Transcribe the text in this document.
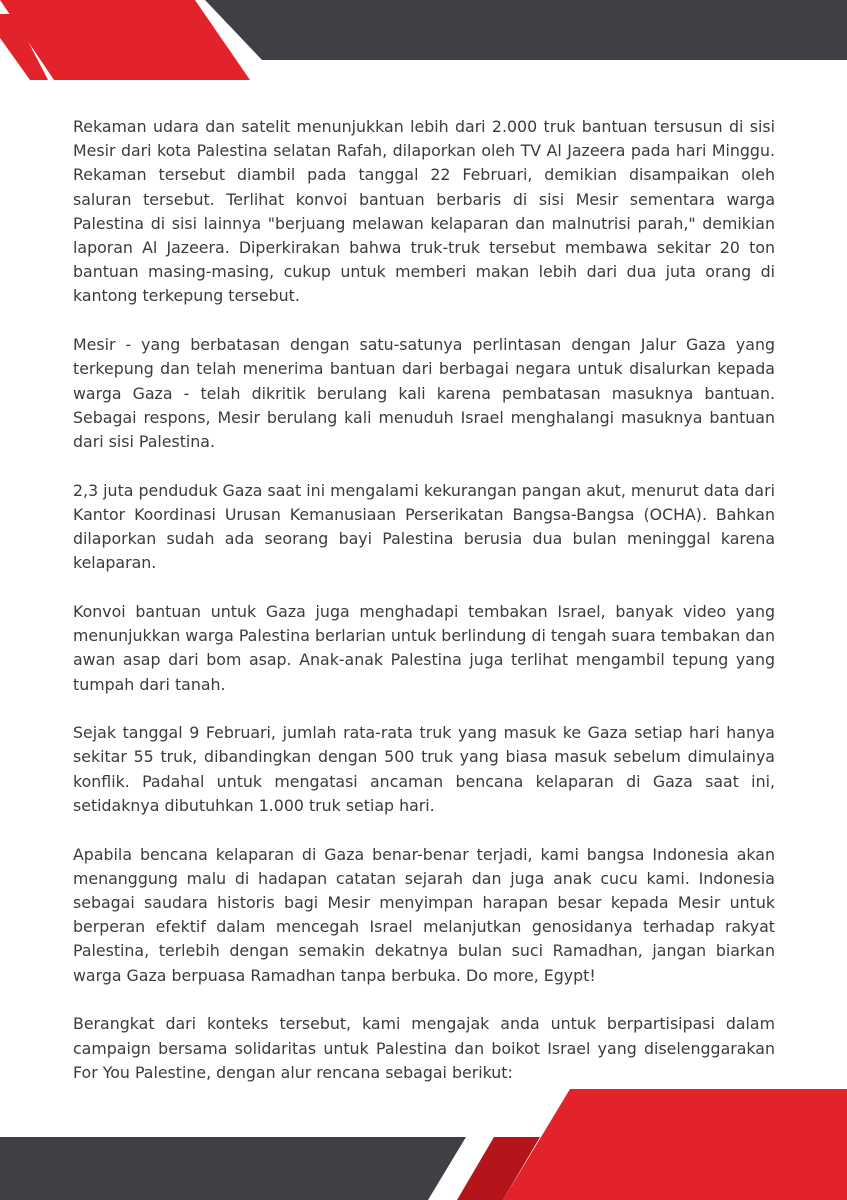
Rekaman udara dan satelit menunjukkan lebih dari 2.000 truk bantuan tersusun di sisi Mesir dari kota Palestina selatan Rafah, dilaporkan oleh TV Al Jazeera pada hari Minggu. Rekaman tersebut diambil pada tanggal 22 Februari, demikian disampaikan oleh saluran tersebut. Terlihat konvoi bantuan berbaris di sisi Mesir sementara warga Palestina di sisi lainnya "berjuang melawan kelaparan dan malnutrisi parah," demikian laporan Al Jazeera. Diperkirakan bahwa truk-truk tersebut membawa sekitar 20 ton bantuan masing-masing, cukup untuk memberi makan lebih dari dua juta orang di kantong terkepung tersebut.

Mesir - yang berbatasan dengan satu-satunya perlintasan dengan Jalur Gaza yang terkepung dan telah menerima bantuan dari berbagai negara untuk disalurkan kepada warga Gaza - telah dikritik berulang kali karena pembatasan masuknya bantuan. Sebagai respons, Mesir berulang kali menuduh Israel menghalangi masuknya bantuan dari sisi Palestina.

2,3 juta penduduk Gaza saat ini mengalami kekurangan pangan akut, menurut data dari Kantor Koordinasi Urusan Kemanusiaan Perserikatan Bangsa-Bangsa (OCHA). Bahkan dilaporkan sudah ada seorang bayi Palestina berusia dua bulan meninggal karena kelaparan.

Konvoi bantuan untuk Gaza juga menghadapi tembakan Israel, banyak video yang menunjukkan warga Palestina berlarian untuk berlindung di tengah suara tembakan dan awan asap dari bom asap. Anak-anak Palestina juga terlihat mengambil tepung yang tumpah dari tanah.

Sejak tanggal 9 Februari, jumlah rata-rata truk yang masuk ke Gaza setiap hari hanya sekitar 55 truk, dibandingkan dengan 500 truk yang biasa masuk sebelum dimulainya konflik. Padahal untuk mengatasi ancaman bencana kelaparan di Gaza saat ini, setidaknya dibutuhkan 1.000 truk setiap hari.

Apabila bencana kelaparan di Gaza benar-benar terjadi, kami bangsa Indonesia akan menanggung malu di hadapan catatan sejarah dan juga anak cucu kami. Indonesia sebagai saudara historis bagi Mesir menyimpan harapan besar kepada Mesir untuk berperan efektif dalam mencegah Israel melanjutkan genosidanya terhadap rakyat Palestina, terlebih dengan semakin dekatnya bulan suci Ramadhan, jangan biarkan warga Gaza berpuasa Ramadhan tanpa berbuka. Do more, Egypt!

Berangkat dari konteks tersebut, kami mengajak anda untuk berpartisipasi dalam campaign bersama solidaritas untuk Palestina dan boikot Israel yang diselenggarakan For You Palestine, dengan alur rencana sebagai berikut:
